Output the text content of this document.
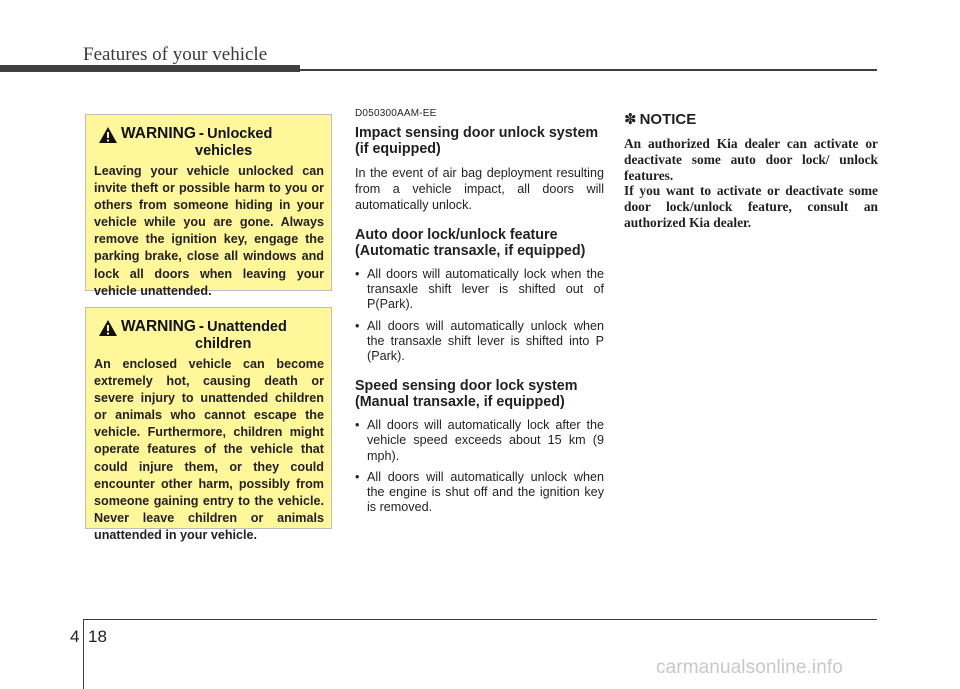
Features of your vehicle
WARNING - Unlocked
vehicles

Leaving your vehicle unlocked can invite theft or possible harm to you or others from someone hiding in your vehicle while you are gone. Always remove the ignition key, engage the parking brake, close all windows and lock all doors when leaving your vehicle unattended.

WARNING - Unattended
children

An enclosed vehicle can become extremely hot, causing death or severe injury to unattended children or animals who cannot escape the vehicle. Furthermore, children might operate features of the vehicle that could injure them, or they could encounter other harm, possibly from someone gaining entry to the vehicle. Never leave children or animals unattended in your vehicle.

D050300AAM-EE

Impact sensing door unlock system (if equipped)

In the event of air bag deployment resulting from a vehicle impact, all doors will automatically unlock.

Auto door lock/unlock feature (Automatic transaxle, if equipped)
• All doors will automatically lock when the transaxle shift lever is shifted out of P(Park).
• All doors will automatically unlock when the transaxle shift lever is shifted into P (Park).
Speed sensing door lock system (Manual transaxle, if equipped)
• All doors will automatically lock after the vehicle speed exceeds about 15 km (9 mph).
• All doors will automatically unlock when the engine is shut off and the ignition key is removed.

✽ NOTICE

An authorized Kia dealer can activate or deactivate some auto door lock/ unlock features.

If you want to activate or deactivate some door lock/unlock feature, consult an authorized Kia dealer.

4 18
carmanualsonline.info
